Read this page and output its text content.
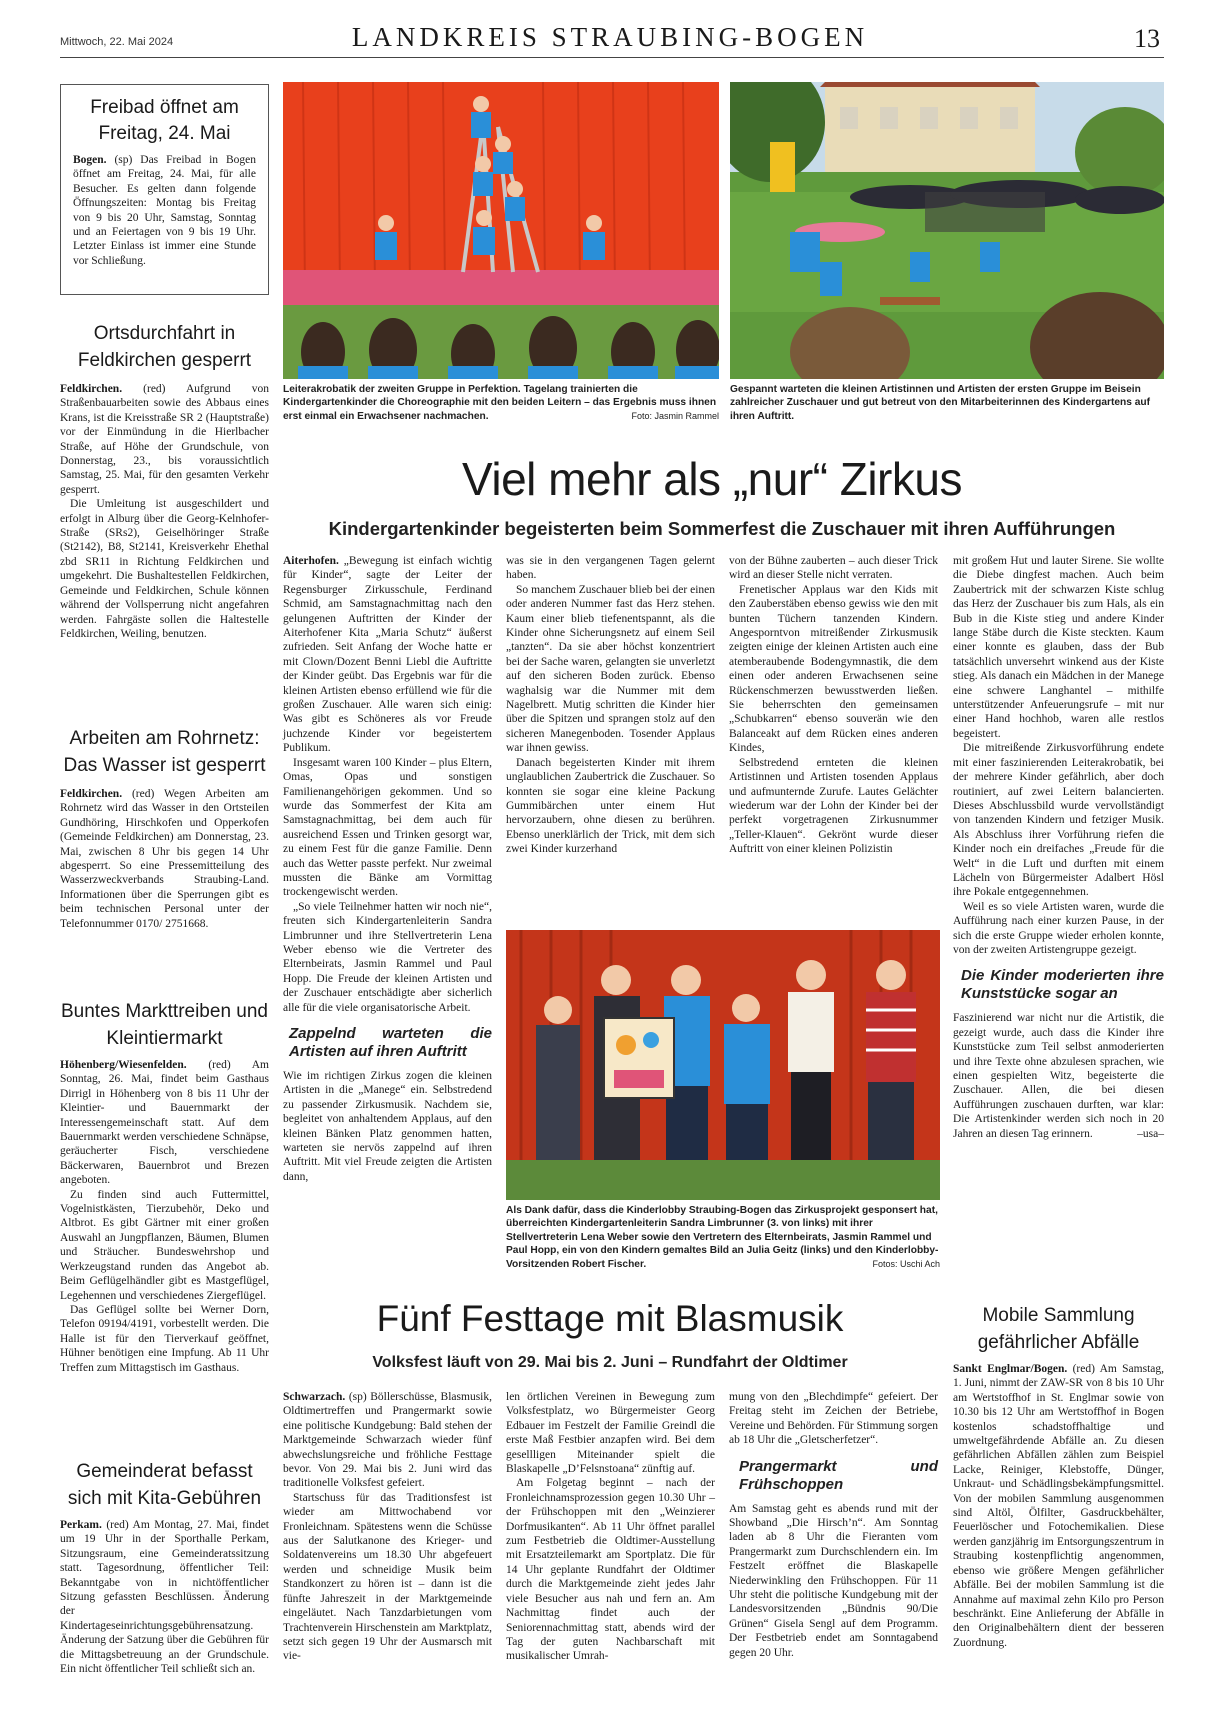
Mittwoch, 22. Mai 2024	LANDKREIS STRAUBING-BOGEN	13
Freibad öffnet am Freitag, 24. Mai
Bogen. (sp) Das Freibad in Bogen öffnet am Freitag, 24. Mai, für alle Besucher. Es gelten dann folgende Öffnungszeiten: Montag bis Freitag von 9 bis 20 Uhr, Samstag, Sonntag und an Feiertagen von 9 bis 19 Uhr. Letzter Einlass ist immer eine Stunde vor Schließung.
Ortsdurchfahrt in Feldkirchen gesperrt

Feldkirchen. (red) Aufgrund von Straßenbauarbeiten sowie des Abbaus eines Krans, ist die Kreisstraße SR 2 (Hauptstraße) vor der Einmündung in die Hierlbacher Straße, auf Höhe der Grundschule, von Donnerstag, 23., bis voraussichtlich Samstag, 25. Mai, für den gesamten Verkehr gesperrt.

Die Umleitung ist ausgeschildert und erfolgt in Alburg über die Georg-Kelnhofer-Straße (SRs2), Geiselhöringer Straße (St2142), B8, St2141, Kreisverkehr Ehethal zbd SR11 in Richtung Feldkirchen und umgekehrt. Die Bushaltestellen Feldkirchen, Gemeinde und Feldkirchen, Schule können während der Vollsperrung nicht angefahren werden. Fahrgäste sollen die Haltestelle Feldkirchen, Weiling, benutzen.

Arbeiten am Rohrnetz: Das Wasser ist gesperrt
Feldkirchen. (red) Wegen Arbeiten am Rohrnetz wird das Wasser in den Ortsteilen Gundhöring, Hirschkofen und Opperkofen (Gemeinde Feldkirchen) am Donnerstag, 23. Mai, zwischen 8 Uhr bis gegen 14 Uhr abgesperrt. So eine Pressemitteilung des Wasserzweckverbands Straubing-Land. Informationen über die Sperrungen gibt es beim technischen Personal unter der Telefonnummer 0170/ 2751668.
Buntes Markttreiben und Kleintiermarkt

Höhenberg/Wiesenfelden. (red) Am Sonntag, 26. Mai, findet beim Gasthaus Dirrigl in Höhenberg von 8 bis 11 Uhr der Kleintier- und Bauernmarkt der Interessengemeinschaft statt. Auf dem Bauernmarkt werden verschiedene Schnäpse, geräucherter Fisch, verschiedene Bäckerwaren, Bauernbrot und Brezen angeboten.

Zu finden sind auch Futtermittel, Vogelnistkästen, Tierzubehör, Deko und Altbrot. Es gibt Gärtner mit einer großen Auswahl an Jungpflanzen, Bäumen, Blumen und Sträucher. Bundeswehrshop und Werkzeugstand runden das Angebot ab. Beim Geflügelhändler gibt es Mastgeflügel, Legehennen und verschiedenes Ziergeflügel.

Das Geflügel sollte bei Werner Dorn, Telefon 09194/4191, vorbestellt werden. Die Halle ist für den Tierverkauf geöffnet, Hühner benötigen eine Impfung. Ab 11 Uhr Treffen zum Mittagstisch im Gasthaus.

Gemeinderat befasst sich mit Kita-Gebühren
Perkam. (red) Am Montag, 27. Mai, findet um 19 Uhr in der Sporthalle Perkam, Sitzungsraum, eine Gemeinderatssitzung statt. Tagesordnung, öffentlicher Teil: Bekanntgabe von in nichtöffentlicher Sitzung gefassten Beschlüssen. Änderung der Kindertageseinrichtungsgebührensatzung. Änderung der Satzung über die Gebühren für die Mittagsbetreuung an der Grundschule. Ein nicht öffentlicher Teil schließt sich an.
Leiterakrobatik der zweiten Gruppe in Perfektion. Tagelang trainierten die Kindergartenkinder die Choreographie mit den beiden Leitern – das Ergebnis muss ihnen erst einmal ein Erwachsener nachmachen.	Foto: Jasmin Rammel
Gespannt warteten die kleinen Artistinnen und Artisten der ersten Gruppe im Beisein zahlreicher Zuschauer und gut betreut von den Mitarbeiterinnen des Kindergartens auf ihren Auftritt.
Viel mehr als „nur“ Zirkus
Kindergartenkinder begeisterten beim Sommerfest die Zuschauer mit ihren Aufführungen

Aiterhofen. „Bewegung ist einfach wichtig für Kinder“, sagte der Leiter der Regensburger Zirkusschule, Ferdinand Schmid, am Samstagnachmittag nach den gelungenen Auftritten der Kinder der Aiterhofener Kita „Maria Schutz“ äußerst zufrieden. Seit Anfang der Woche hatte er mit Clown/Dozent Benni Liebl die Auftritte der Kinder geübt. Das Ergebnis war für die kleinen Artisten ebenso erfüllend wie für die großen Zuschauer. Alle waren sich einig: Was gibt es Schöneres als vor Freude juchzende Kinder vor begeistertem Publikum.

Insgesamt waren 100 Kinder – plus Eltern, Omas, Opas und sonstigen Familienangehörigen gekommen. Und so wurde das Sommerfest der Kita am Samstagnachmittag, bei dem auch für ausreichend Essen und Trinken gesorgt war, zu einem Fest für die ganze Familie. Denn auch das Wetter passte perfekt. Nur zweimal mussten die Bänke am Vormittag trockengewischt werden.

„So viele Teilnehmer hatten wir noch nie“, freuten sich Kindergartenleiterin Sandra Limbrunner und ihre Stellvertreterin Lena Weber ebenso wie die Vertreter des Elternbeirats, Jasmin Rammel und Paul Hopp. Die Freude der kleinen Artisten und der Zuschauer entschädigte aber sicherlich alle für die viele organisatorische Arbeit.

Zappelnd warteten die Artisten auf ihren Auftritt

Wie im richtigen Zirkus zogen die kleinen Artisten in die „Manege“ ein. Selbstredend zu passender Zirkusmusik. Nachdem sie, begleitet von anhaltendem Applaus, auf den kleinen Bänken Platz genommen hatten, warteten sie nervös zappelnd auf ihren Auftritt. Mit viel Freude zeigten die Artisten dann,

was sie in den vergangenen Tagen gelernt haben.

So manchem Zuschauer blieb bei der einen oder anderen Nummer fast das Herz stehen. Kaum einer blieb tiefenentspannt, als die Kinder ohne Sicherungsnetz auf einem Seil „tanzten“. Da sie aber höchst konzentriert bei der Sache waren, gelangten sie unverletzt auf den sicheren Boden zurück. Ebenso waghalsig war die Nummer mit dem Nagelbrett. Mutig schritten die Kinder hier über die Spitzen und sprangen stolz auf den sicheren Manegenboden. Tosender Applaus war ihnen gewiss.

Danach begeisterten Kinder mit ihrem unglaublichen Zaubertrick die Zuschauer. So konnten sie sogar eine kleine Packung Gummibärchen unter einem Hut hervorzaubern, ohne diesen zu berühren. Ebenso unerklärlich der Trick, mit dem sich zwei Kinder kurzerhand

von der Bühne zauberten – auch dieser Trick wird an dieser Stelle nicht verraten.

Frenetischer Applaus war den Kids mit den Zauberstäben ebenso gewiss wie den mit bunten Tüchern tanzenden Kindern. Angesporntvon mitreißender Zirkusmusik zeigten einige der kleinen Artisten auch eine atemberaubende Bodengymnastik, die dem einen oder anderen Erwachsenen seine Rückenschmerzen bewusstwerden ließen. Sie beherrschten den gemeinsamen „Schubkarren“ ebenso souverän wie den Balanceakt auf dem Rücken eines anderen Kindes,

Selbstredend ernteten die kleinen Artistinnen und Artisten tosenden Applaus und aufmunternde Zurufe. Lautes Gelächter wiederum war der Lohn der Kinder bei der perfekt vorgetragenen Zirkusnummer „Teller-Klauen“. Gekrönt wurde dieser Auftritt von einer kleinen Polizistin

mit großem Hut und lauter Sirene. Sie wollte die Diebe dingfest machen. Auch beim Zaubertrick mit der schwarzen Kiste schlug das Herz der Zuschauer bis zum Hals, als ein Bub in die Kiste stieg und andere Kinder lange Stäbe durch die Kiste steckten. Kaum einer konnte es glauben, dass der Bub tatsächlich unversehrt winkend aus der Kiste stieg. Als danach ein Mädchen in der Manege eine schwere Langhantel – mithilfe unterstützender Anfeuerungsrufe – mit nur einer Hand hochhob, waren alle restlos begeistert.

Die mitreißende Zirkusvorführung endete mit einer faszinierenden Leiterakrobatik, bei der mehrere Kinder gefährlich, aber doch routiniert, auf zwei Leitern balancierten. Dieses Abschlussbild wurde vervollständigt von tanzenden Kindern und fetziger Musik. Als Abschluss ihrer Vorführung riefen die Kinder noch ein dreifaches „Freude für die Welt“ in die Luft und durften mit einem Lächeln von Bürgermeister Adalbert Hösl ihre Pokale entgegennehmen.

Weil es so viele Artisten waren, wurde die Aufführung nach einer kurzen Pause, in der sich die erste Gruppe wieder erholen konnte, von der zweiten Artistengruppe gezeigt.

Die Kinder moderierten ihre Kunststücke sogar an

Faszinierend war nicht nur die Artistik, die gezeigt wurde, auch dass die Kinder ihre Kunststücke zum Teil selbst anmoderierten und ihre Texte ohne abzulesen sprachen, wie einen gespielten Witz, begeisterte die Zuschauer. Allen, die bei diesen Aufführungen zuschauen durften, war klar: Die Artistenkinder werden sich noch in 20 Jahren an diesen Tag erinnern.	–usa–

Als Dank dafür, dass die Kinderlobby Straubing-Bogen das Zirkusprojekt gesponsert hat, überreichten Kindergartenleiterin Sandra Limbrunner (3. von links) mit ihrer Stellvertreterin Lena Weber sowie den Vertretern des Elternbeirats, Jasmin Rammel und Paul Hopp, ein von den Kindern gemaltes Bild an Julia Geitz (links) und den Kinderlobby-Vorsitzenden Robert Fischer.	Fotos: Uschi Ach
Fünf Festtage mit Blasmusik
Volksfest läuft von 29. Mai bis 2. Juni – Rundfahrt der Oldtimer

Schwarzach. (sp) Böllerschüsse, Blasmusik, Oldtimertreffen und Prangermarkt sowie eine politische Kundgebung: Bald stehen der Marktgemeinde Schwarzach wieder fünf abwechslungsreiche und fröhliche Festtage bevor. Von 29. Mai bis 2. Juni wird das traditionelle Volksfest gefeiert.

Startschuss für das Traditionsfest ist wieder am Mittwochabend vor Fronleichnam. Spätestens wenn die Schüsse aus der Salutkanone des Krieger- und Soldatenvereins um 18.30 Uhr abgefeuert werden und schneidige Musik beim Standkonzert zu hören ist – dann ist die fünfte Jahreszeit in der Marktgemeinde eingeläutet. Nach Tanzdarbietungen vom Trachtenverein Hirschenstein am Marktplatz, setzt sich gegen 19 Uhr der Ausmarsch mit vie-

len örtlichen Vereinen in Bewegung zum Volksfestplatz, wo Bürgermeister Georg Edbauer im Festzelt der Familie Greindl die erste Maß Festbier anzapfen wird. Bei dem gesellligen Miteinander spielt die Blaskapelle „D’Felsnstoana“ zünftig auf.

Am Folgetag beginnt – nach der Fronleichnamsprozession gegen 10.30 Uhr – der Frühschoppen mit den „Weinzierer Dorfmusikanten“. Ab 11 Uhr öffnet parallel zum Festbetrieb die Oldtimer-Ausstellung mit Ersatzteilemarkt am Sportplatz. Die für 14 Uhr geplante Rundfahrt der Oldtimer durch die Marktgemeinde zieht jedes Jahr viele Besucher aus nah und fern an. Am Nachmittag findet auch der Seniorennachmittag statt, abends wird der Tag der guten Nachbarschaft mit musikalischer Umrah-

mung von den „Blechdimpfe“ gefeiert. Der Freitag steht im Zeichen der Betriebe, Vereine und Behörden. Für Stimmung sorgen ab 18 Uhr die „Gletscherfetzer“.

Prangermarkt und Frühschoppen

Am Samstag geht es abends rund mit der Showband „Die Hirsch’n“. Am Sonntag laden ab 8 Uhr die Fieranten vom Prangermarkt zum Durchschlendern ein. Im Festzelt eröffnet die Blaskapelle Niederwinkling den Frühschoppen. Für 11 Uhr steht die politische Kundgebung mit der Landesvorsitzenden „Bündnis 90/Die Grünen“ Gisela Sengl auf dem Programm. Der Festbetrieb endet am Sonntagabend gegen 20 Uhr.

Mobile Sammlung gefährlicher Abfälle
Sankt Englmar/Bogen. (red) Am Samstag, 1. Juni, nimmt der ZAW-SR von 8 bis 10 Uhr am Wertstoffhof in St. Englmar sowie von 10.30 bis 12 Uhr am Wertstoffhof in Bogen kostenlos schadstoffhaltige und umweltgefährdende Abfälle an. Zu diesen gefährlichen Abfällen zählen zum Beispiel Lacke, Reiniger, Klebstoffe, Dünger, Unkraut- und Schädlingsbekämpfungsmittel. Von der mobilen Sammlung ausgenommen sind Altöl, Ölfilter, Gasdruckbehälter, Feuerlöscher und Fotochemikalien. Diese werden ganzjährig im Entsorgungszentrum in Straubing kostenpflichtig angenommen, ebenso wie größere Mengen gefährlicher Abfälle. Bei der mobilen Sammlung ist die Annahme auf maximal zehn Kilo pro Person beschränkt. Eine Anlieferung der Abfälle in den Originalbehältern dient der besseren Zuordnung.
